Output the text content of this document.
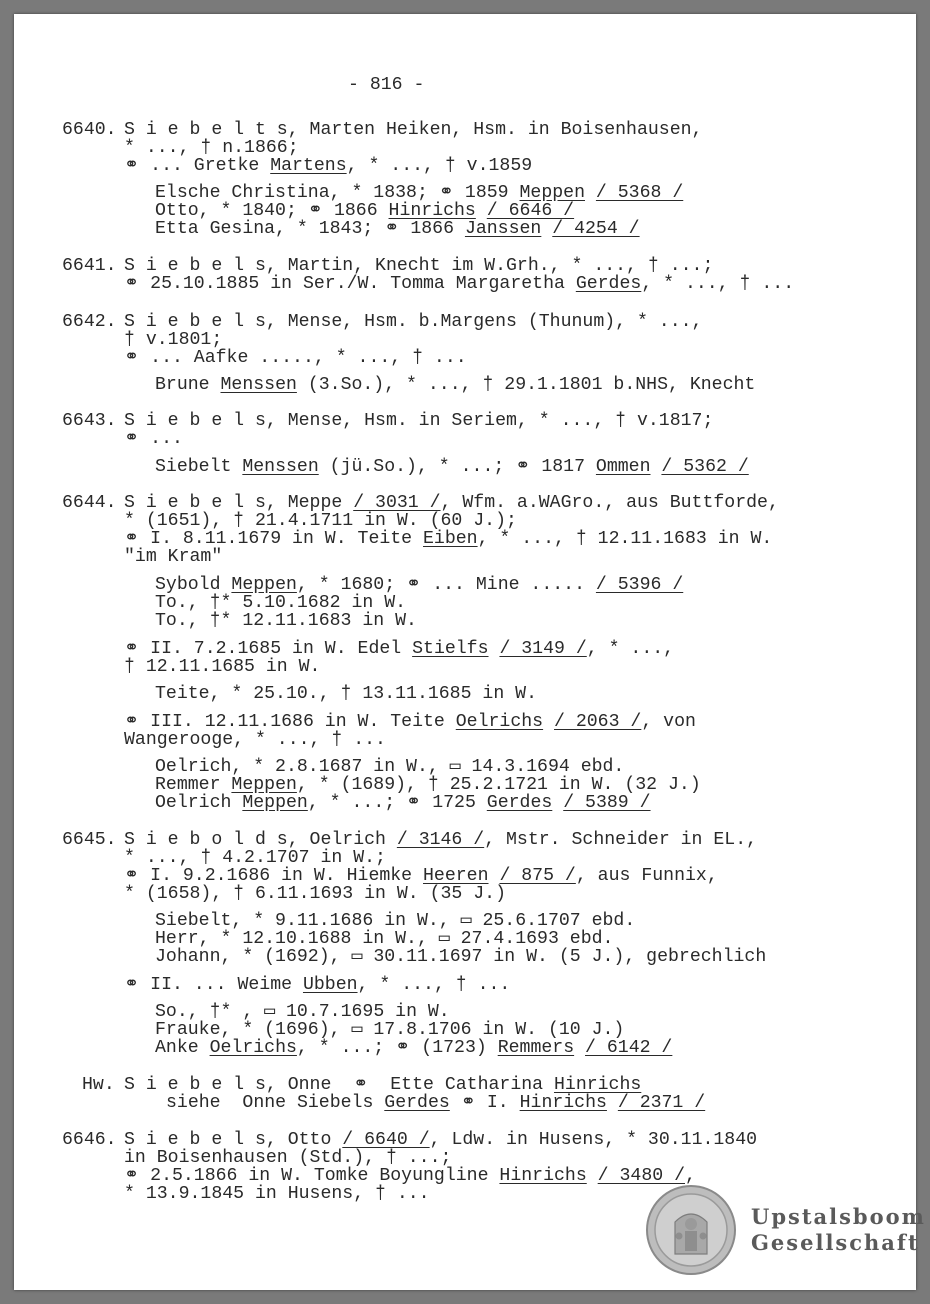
- 816 -
6640. S i e b e l t s, Marten Heiken, Hsm. in Boisenhausen,
* ..., † n.1866;
⚭ ... Gretke Martens, * ..., † v.1859
Elsche Christina, * 1838; ⚭ 1859 Meppen / 5368 /
Otto, * 1840; ⚭ 1866 Hinrichs / 6646 /
Etta Gesina, * 1843; ⚭ 1866 Janssen / 4254 /
6641. S i e b e l s, Martin, Knecht im W.Grh., * ..., † ...;
⚭ 25.10.1885 in Ser./W. Tomma Margaretha Gerdes, * ..., † ...
6642. S i e b e l s, Mense, Hsm. b.Margens (Thunum), * ...,
† v.1801;
⚭ ... Aafke ....., * ..., † ...
Brune Menssen (3.So.), * ..., † 29.1.1801 b.NHS, Knecht
6643. S i e b e l s, Mense, Hsm. in Seriem, * ..., † v.1817;
⚭ ...
Siebelt Menssen (jü.So.), * ...; ⚭ 1817 Ommen / 5362 /
6644. S i e b e l s, Meppe / 3031 /, Wfm. a.WAGro., aus Buttforde,
* (1651), † 21.4.1711 in W. (60 J.);
⚭ I. 8.11.1679 in W. Teite Eiben, * ..., † 12.11.1683 in W.
"im Kram"
Sybold Meppen, * 1680; ⚭ ... Mine ..... / 5396 /
To., †* 5.10.1682 in W.
To., †* 12.11.1683 in W.
⚭ II. 7.2.1685 in W. Edel Stielfs / 3149 /, * ...,
† 12.11.1685 in W.
Teite, * 25.10., † 13.11.1685 in W.
⚭ III. 12.11.1686 in W. Teite Oelrichs / 2063 /, von
Wangerooge, * ..., † ...
Oelrich, * 2.8.1687 in W., ▭ 14.3.1694 ebd.
Remmer Meppen, * (1689), † 25.2.1721 in W. (32 J.)
Oelrich Meppen, * ...; ⚭ 1725 Gerdes / 5389 /
6645. S i e b o l d s, Oelrich / 3146 /, Mstr. Schneider in EL.,
* ..., † 4.2.1707 in W.;
⚭ I. 9.2.1686 in W. Hiemke Heeren / 875 /, aus Funnix,
* (1658), † 6.11.1693 in W. (35 J.)
Siebelt, * 9.11.1686 in W., ▭ 25.6.1707 ebd.
Herr, * 12.10.1688 in W., ▭ 27.4.1693 ebd.
Johann, * (1692), ▭ 30.11.1697 in W. (5 J.), gebrechlich
⚭ II. ... Weime Ubben, * ..., † ...
So., †* , ▭ 10.7.1695 in W.
Frauke, * (1696), ▭ 17.8.1706 in W. (10 J.)
Anke Oelrichs, * ...; ⚭ (1723) Remmers / 6142 /
Hw. S i e b e l s, Onne  ⚭  Ette Catharina Hinrichs
siehe  Onne Siebels Gerdes ⚭ I. Hinrichs / 2371 /
6646. S i e b e l s, Otto / 6640 /, Ldw. in Husens, * 30.11.1840
in Boisenhausen (Std.), † ...;
⚭ 2.5.1866 in W. Tomke Boyungline Hinrichs / 3480 /,
* 13.9.1845 in Husens, † ...
Upstalsboom
Gesellschaft
